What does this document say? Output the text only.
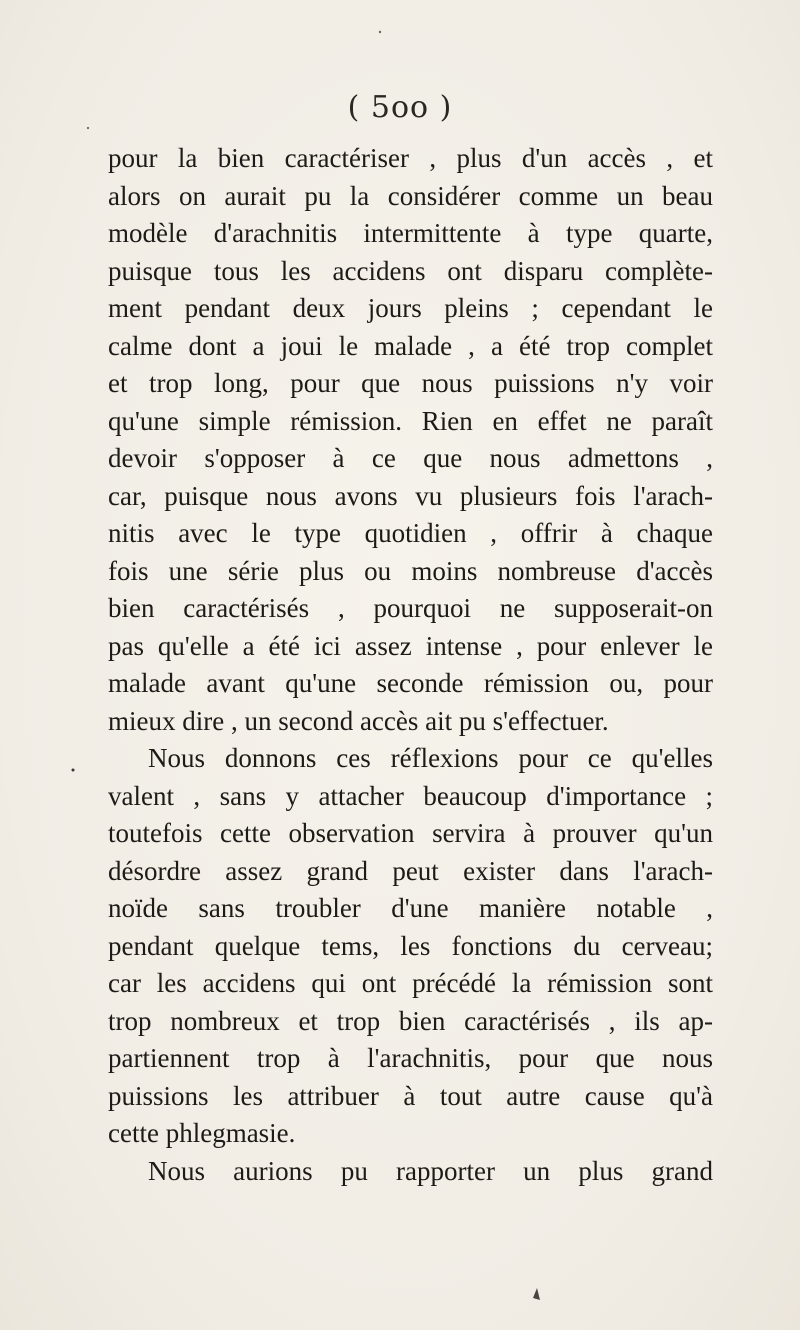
( 5oo )
pour la bien caractériser , plus d'un accès , et
alors on aurait pu la considérer comme un beau
modèle d'arachnitis intermittente à type quarte,
puisque tous les accidens ont disparu complète-
ment pendant deux jours pleins ; cependant le
calme dont a joui le malade , a été trop complet
et trop long, pour que nous puissions n'y voir
qu'une simple rémission. Rien en effet ne paraît
devoir s'opposer à ce que nous admettons ,
car, puisque nous avons vu plusieurs fois l'arach-
nitis avec le type quotidien , offrir à chaque
fois une série plus ou moins nombreuse d'accès
bien caractérisés , pourquoi ne supposerait-on
pas qu'elle a été ici assez intense , pour enlever le
malade avant qu'une seconde rémission ou, pour
mieux dire , un second accès ait pu s'effectuer.
Nous donnons ces réflexions pour ce qu'elles
valent , sans y attacher beaucoup d'importance ;
toutefois cette observation servira à prouver qu'un
désordre assez grand peut exister dans l'arach-
noïde sans troubler d'une manière notable ,
pendant quelque tems, les fonctions du cerveau;
car les accidens qui ont précédé la rémission sont
trop nombreux et trop bien caractérisés , ils ap-
partiennent trop à l'arachnitis, pour que nous
puissions les attribuer à tout autre cause qu'à
cette phlegmasie.
Nous aurions pu rapporter un plus grand
